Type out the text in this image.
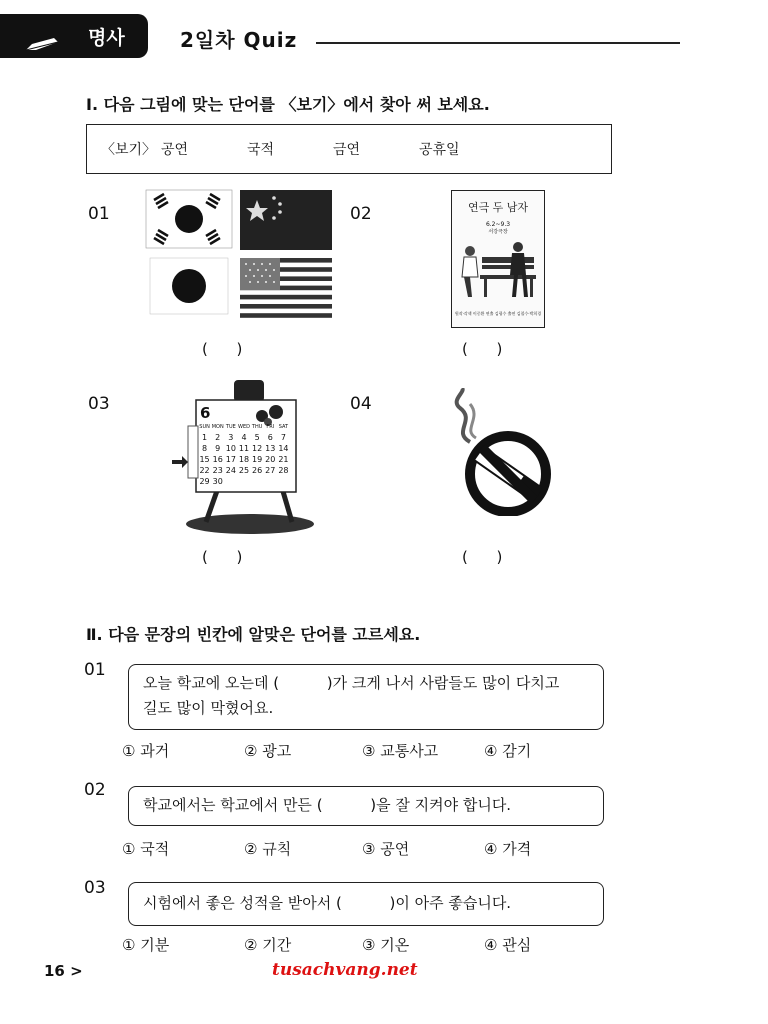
명사	2일차 Quiz
Ⅰ. 다음 그림에 맞는 단어를 〈보기〉에서 찾아 써 보세요.
〈보기〉 공연	국적	금연	공휴일
01
(      )
02	연극 두 남자
6.2~9.3
서강극장
원작·각색 이중환 연출 김평수 출연 김철수·박희경
(      )
03	6
SUN MON TUE WED THU FRI SAT
1	2	3	4	5	6	7
8	9 10 11 12 13 14
15 16 17 18 19 20 21
22 23 24 25 26 27 28
29 30
(      )
04
(      )
Ⅱ. 다음 문장의 빈칸에 알맞은 단어를 고르세요.
01
오늘 학교에 오는데 (          )가 크게 나서 사람들도 많이 다치고
길도 많이 막혔어요.
① 과거	② 광고	③ 교통사고	④ 감기
02
학교에서는 학교에서 만든 (          )을 잘 지켜야 합니다.
① 국적	② 규칙	③ 공연	④ 가격
03
시험에서 좋은 성적을 받아서 (          )이 아주 좋습니다.
① 기분	② 기간	③ 기온	④ 관심
16 >	tusachvang.net
